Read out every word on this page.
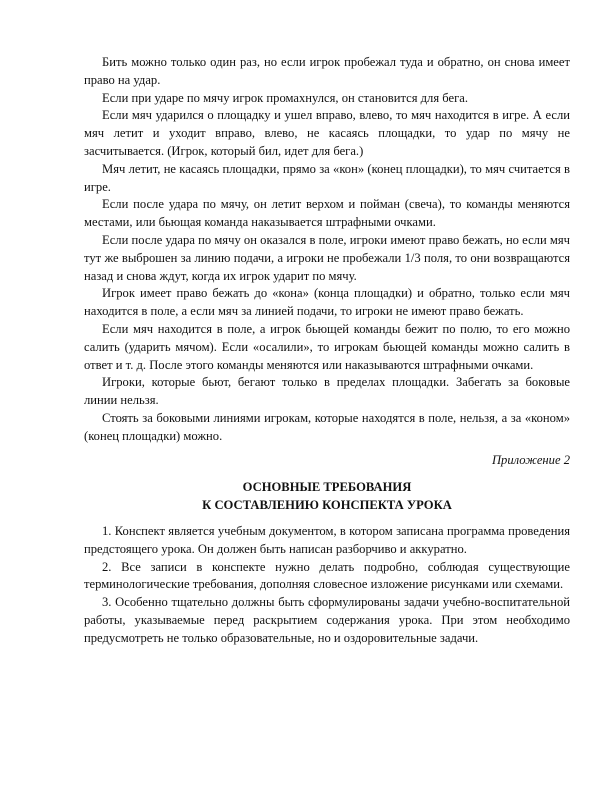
Бить можно только один раз, но если игрок пробежал туда и обратно, он снова имеет право на удар.

Если при ударе по мячу игрок промахнулся, он становится для бега.

Если мяч ударился о площадку и ушел вправо, влево, то мяч находится в игре. А если мяч летит и уходит вправо, влево, не касаясь площадки, то удар по мячу не засчитывается. (Игрок, который бил, идет для бега.)

Мяч летит, не касаясь площадки, прямо за «кон» (конец площадки), то мяч считается в игре.

Если после удара по мячу, он летит верхом и пойман (свеча), то команды меняются местами, или бьющая команда наказывается штрафными очками.

Если после удара по мячу он оказался в поле, игроки имеют право бежать, но если мяч тут же выброшен за линию подачи, а игроки не пробежали 1/3 поля, то они возвращаются назад и снова ждут, когда их игрок ударит по мячу.

Игрок имеет право бежать до «кона» (конца площадки) и обратно, только если мяч находится в поле, а если мяч за линией подачи, то игроки не имеют право бежать.

Если мяч находится в поле, а игрок бьющей команды бежит по полю, то его можно салить (ударить мячом). Если «осалили», то игрокам бьющей команды можно салить в ответ и т. д. После этого команды меняются или наказываются штрафными очками.

Игроки, которые бьют, бегают только в пределах площадки. Забегать за боковые линии нельзя.

Стоять за боковыми линиями игрокам, которые находятся в поле, нельзя, а за «коном» (конец площадки) можно.

Приложение 2
ОСНОВНЫЕ ТРЕБОВАНИЯ
К СОСТАВЛЕНИЮ КОНСПЕКТА УРОКА

1. Конспект является учебным документом, в котором записана программа проведения предстоящего урока. Он должен быть написан разборчиво и аккуратно.

2. Все записи в конспекте нужно делать подробно, соблюдая существующие терминологические требования, дополняя словесное изложение рисунками или схемами.

3. Особенно тщательно должны быть сформулированы задачи учебно-воспитательной работы, указываемые перед раскрытием содержания урока. При этом необходимо предусмотреть не только образовательные, но и оздоровительные задачи.
